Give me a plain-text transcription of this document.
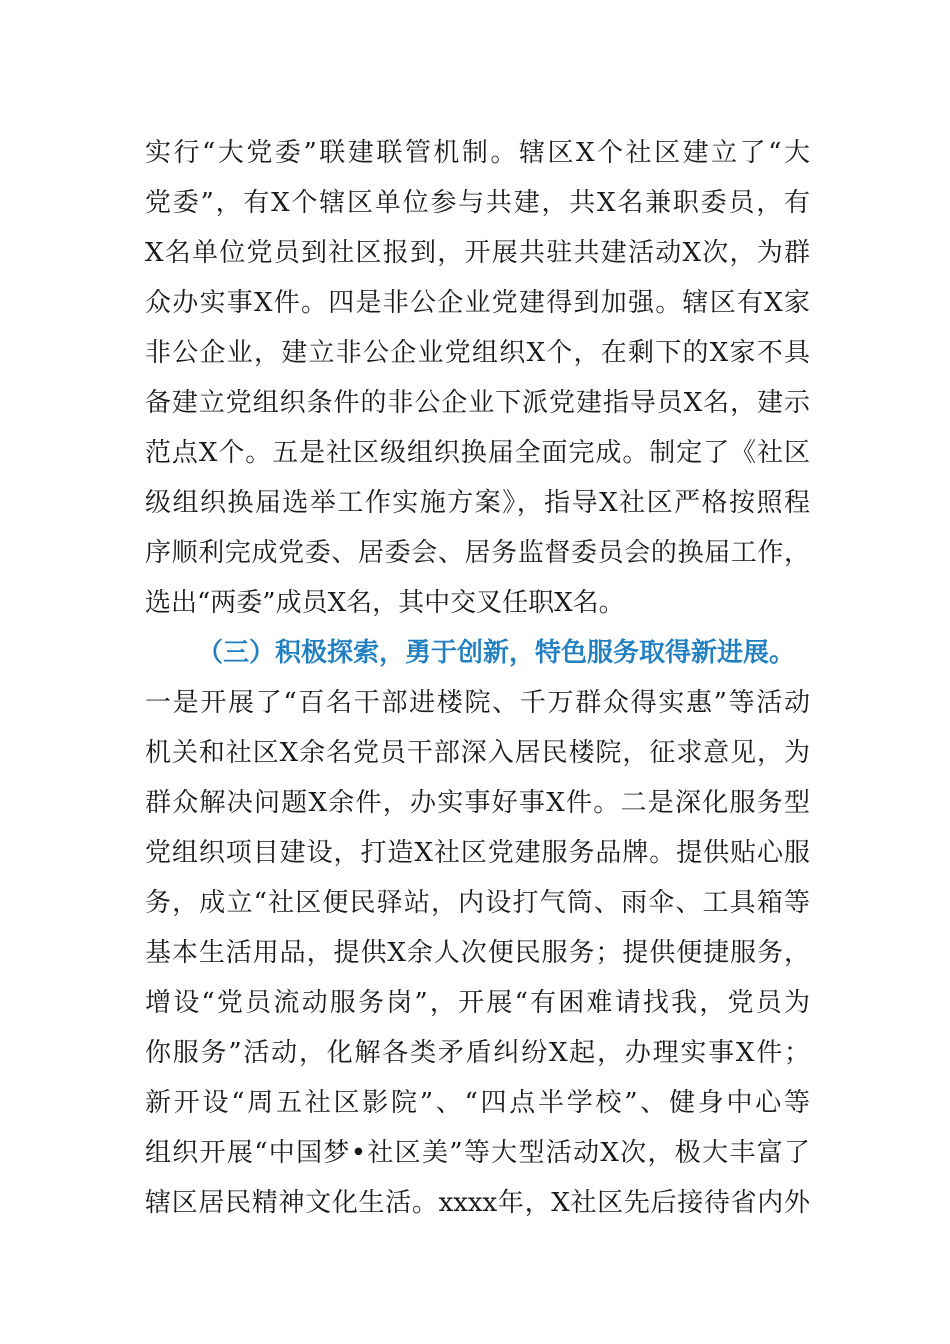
实行“大党委”联建联管机制。辖区X个社区建立了“大
党委”，有X个辖区单位参与共建，共X名兼职委员，有
X名单位党员到社区报到，开展共驻共建活动X次，为群
众办实事X件。四是非公企业党建得到加强。辖区有X家
非公企业，建立非公企业党组织X个，在剩下的X家不具
备建立党组织条件的非公企业下派党建指导员X名，建示
范点X个。五是社区级组织换届全面完成。制定了《社区
级组织换届选举工作实施方案》，指导X社区严格按照程
序顺利完成党委、居委会、居务监督委员会的换届工作，
选出“两委”成员X名，其中交叉任职X名。
（三）积极探索，勇于创新，特色服务取得新进展。
一是开展了“百名干部进楼院、千万群众得实惠”等活动
机关和社区X余名党员干部深入居民楼院，征求意见，为
群众解决问题X余件，办实事好事X件。二是深化服务型
党组织项目建设，打造X社区党建服务品牌。提供贴心服
务，成立“社区便民驿站，内设打气筒、雨伞、工具箱等
基本生活用品，提供X余人次便民服务；提供便捷服务，
增设“党员流动服务岗”，开展“有困难请找我，党员为
你服务”活动，化解各类矛盾纠纷X起，办理实事X件；
新开设“周五社区影院”、“四点半学校”、健身中心等
组织开展“中国梦•社区美”等大型活动X次，极大丰富了
辖区居民精神文化生活。xxxx年，X社区先后接待省内外
